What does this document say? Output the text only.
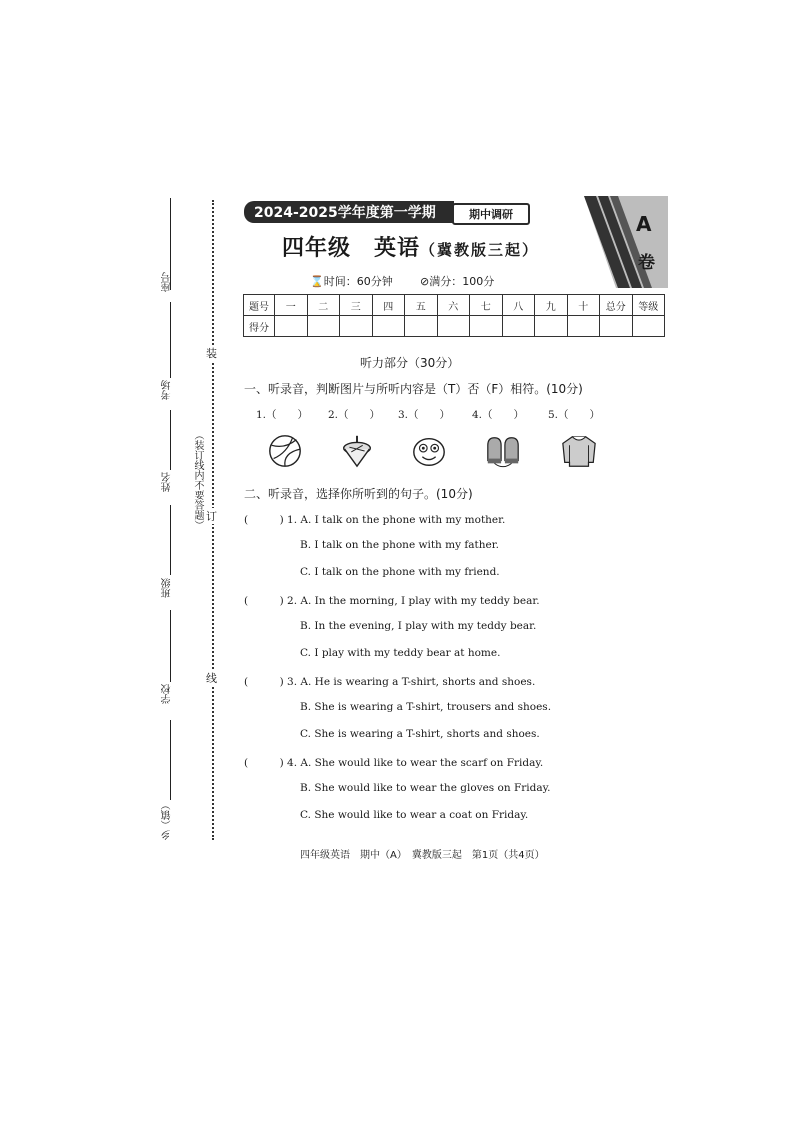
座号
考场
姓名
班级
学校
乡（镇）
（装订线内不要答题）
装
订
线
2024-2025学年度第一学期	期中调研
四年级　英语（冀教版三起）
⌛时间：60分钟 ⊘满分：100分
A
卷
题号	一	二	三	四	五	六	七	八	九	十	总分	等级
得分												
听力部分（30分）
一、听录音，判断图片与所听内容是（T）否（F）相符。(10分)
1.（　　） 2.（　　） 3.（　　） 4.（　　） 5.（　　）
二、听录音，选择你所听到的句子。(10分)
(　　　) 1. A. I talk on the phone with my mother.
B. I talk on the phone with my father.
C. I talk on the phone with my friend.
(　　　) 2. A. In the morning, I play with my teddy bear.
B. In the evening, I play with my teddy bear.
C. I play with my teddy bear at home.
(　　　) 3. A. He is wearing a T-shirt, shorts and shoes.
B. She is wearing a T-shirt, trousers and shoes.
C. She is wearing a T-shirt, shorts and shoes.
(　　　) 4. A. She would like to wear the scarf on Friday.
B. She would like to wear the gloves on Friday.
C. She would like to wear a coat on Friday.
四年级英语　期中（A）　冀教版三起　第1页（共4页）
